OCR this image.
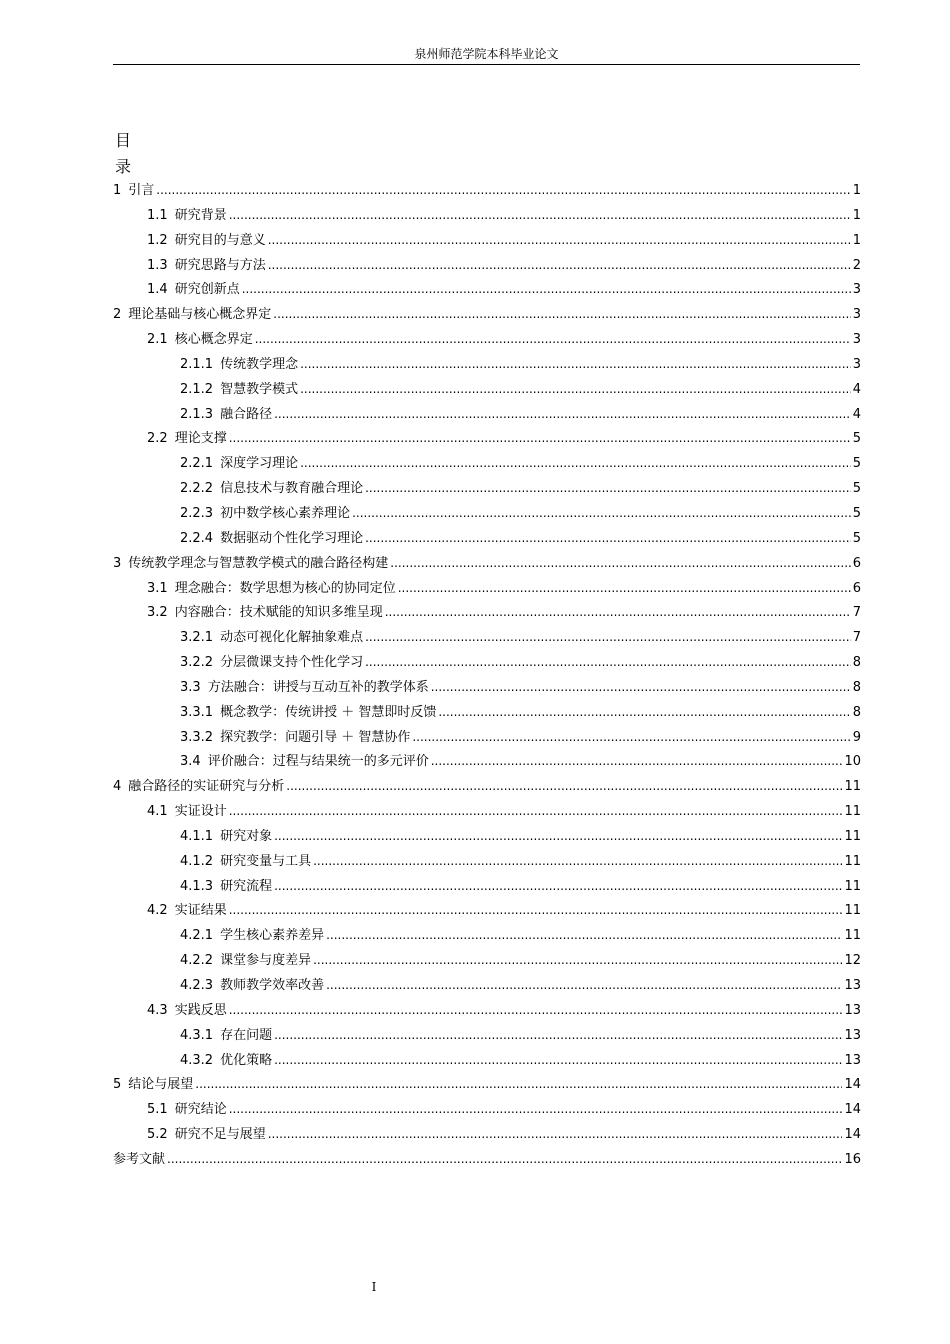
泉州师范学院本科毕业论文
目
录
1 引言 .....	1
1.1 研究背景 .....	1
1.2 研究目的与意义 .....	1
1.3 研究思路与方法 .....	2
1.4 研究创新点 .....	3
2 理论基础与核心概念界定 .....	3
2.1 核心概念界定 .....	3
2.1.1 传统教学理念 .....	3
2.1.2 智慧教学模式 .....	4
2.1.3 融合路径 .....	4
2.2 理论支撑 .....	5
2.2.1 深度学习理论 .....	5
2.2.2 信息技术与教育融合理论 .....	5
2.2.3 初中数学核心素养理论 .....	5
2.2.4 数据驱动个性化学习理论 .....	5
3 传统教学理念与智慧教学模式的融合路径构建 .....	6
3.1 理念融合：数学思想为核心的协同定位 .....	6
3.2 内容融合：技术赋能的知识多维呈现 .....	7
3.2.1 动态可视化化解抽象难点 .....	7
3.2.2 分层微课支持个性化学习 .....	8
3.3 方法融合：讲授与互动互补的教学体系 .....	8
3.3.1 概念教学：传统讲授 ＋ 智慧即时反馈 .....	8
3.3.2 探究教学：问题引导 ＋ 智慧协作 .....	9
3.4 评价融合：过程与结果统一的多元评价 .....	10
4 融合路径的实证研究与分析 .....	11
4.1 实证设计 .....	11
4.1.1 研究对象 .....	11
4.1.2 研究变量与工具 .....	11
4.1.3 研究流程 .....	11
4.2 实证结果 .....	11
4.2.1 学生核心素养差异 .....	11
4.2.2 课堂参与度差异 .....	12
4.2.3 教师教学效率改善 .....	13
4.3 实践反思 .....	13
4.3.1 存在问题 .....	13
4.3.2 优化策略 .....	13
5 结论与展望 .....	14
5.1 研究结论 .....	14
5.2 研究不足与展望 .....	14
参考文献 .....	16
I
